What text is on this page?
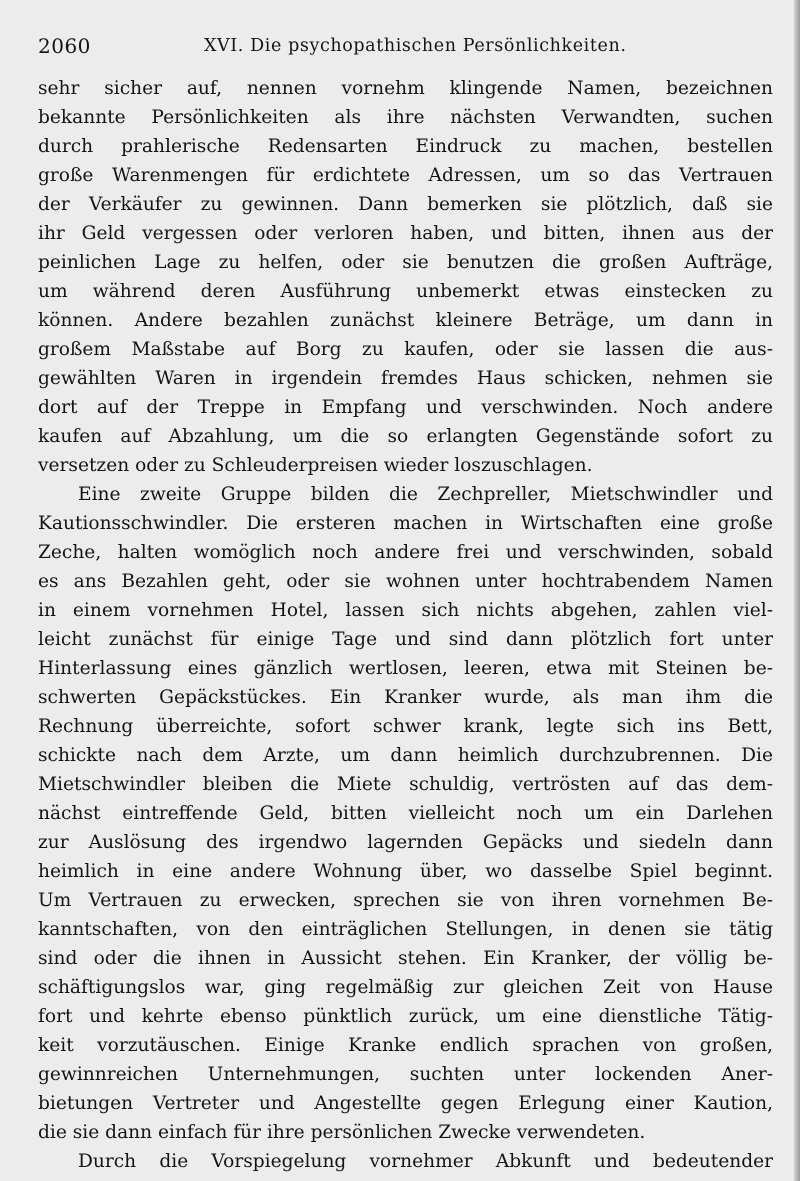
2060	XVI. Die psychopathischen Persönlichkeiten.
sehr sicher auf, nennen vornehm klingende Namen, bezeichnen
bekannte Persönlichkeiten als ihre nächsten Verwandten, suchen
durch prahlerische Redensarten Eindruck zu machen, bestellen
große Warenmengen für erdichtete Adressen, um so das Vertrauen
der Verkäufer zu gewinnen. Dann bemerken sie plötzlich, daß sie
ihr Geld vergessen oder verloren haben, und bitten, ihnen aus der
peinlichen Lage zu helfen, oder sie benutzen die großen Aufträge,
um während deren Ausführung unbemerkt etwas einstecken zu
können. Andere bezahlen zunächst kleinere Beträge, um dann in
großem Maßstabe auf Borg zu kaufen, oder sie lassen die aus-
gewählten Waren in irgendein fremdes Haus schicken, nehmen sie
dort auf der Treppe in Empfang und verschwinden. Noch andere
kaufen auf Abzahlung, um die so erlangten Gegenstände sofort zu
versetzen oder zu Schleuderpreisen wieder loszuschlagen.
Eine zweite Gruppe bilden die Zechpreller, Mietschwindler und
Kautionsschwindler. Die ersteren machen in Wirtschaften eine große
Zeche, halten womöglich noch andere frei und verschwinden, sobald
es ans Bezahlen geht, oder sie wohnen unter hochtrabendem Namen
in einem vornehmen Hotel, lassen sich nichts abgehen, zahlen viel-
leicht zunächst für einige Tage und sind dann plötzlich fort unter
Hinterlassung eines gänzlich wertlosen, leeren, etwa mit Steinen be-
schwerten Gepäckstückes. Ein Kranker wurde, als man ihm die
Rechnung überreichte, sofort schwer krank, legte sich ins Bett,
schickte nach dem Arzte, um dann heimlich durchzubrennen. Die
Mietschwindler bleiben die Miete schuldig, vertrösten auf das dem-
nächst eintreffende Geld, bitten vielleicht noch um ein Darlehen
zur Auslösung des irgendwo lagernden Gepäcks und siedeln dann
heimlich in eine andere Wohnung über, wo dasselbe Spiel beginnt.
Um Vertrauen zu erwecken, sprechen sie von ihren vornehmen Be-
kanntschaften, von den einträglichen Stellungen, in denen sie tätig
sind oder die ihnen in Aussicht stehen. Ein Kranker, der völlig be-
schäftigungslos war, ging regelmäßig zur gleichen Zeit von Hause
fort und kehrte ebenso pünktlich zurück, um eine dienstliche Tätig-
keit vorzutäuschen. Einige Kranke endlich sprachen von großen,
gewinnreichen Unternehmungen, suchten unter lockenden Aner-
bietungen Vertreter und Angestellte gegen Erlegung einer Kaution,
die sie dann einfach für ihre persönlichen Zwecke verwendeten.
Durch die Vorspiegelung vornehmer Abkunft und bedeutender
